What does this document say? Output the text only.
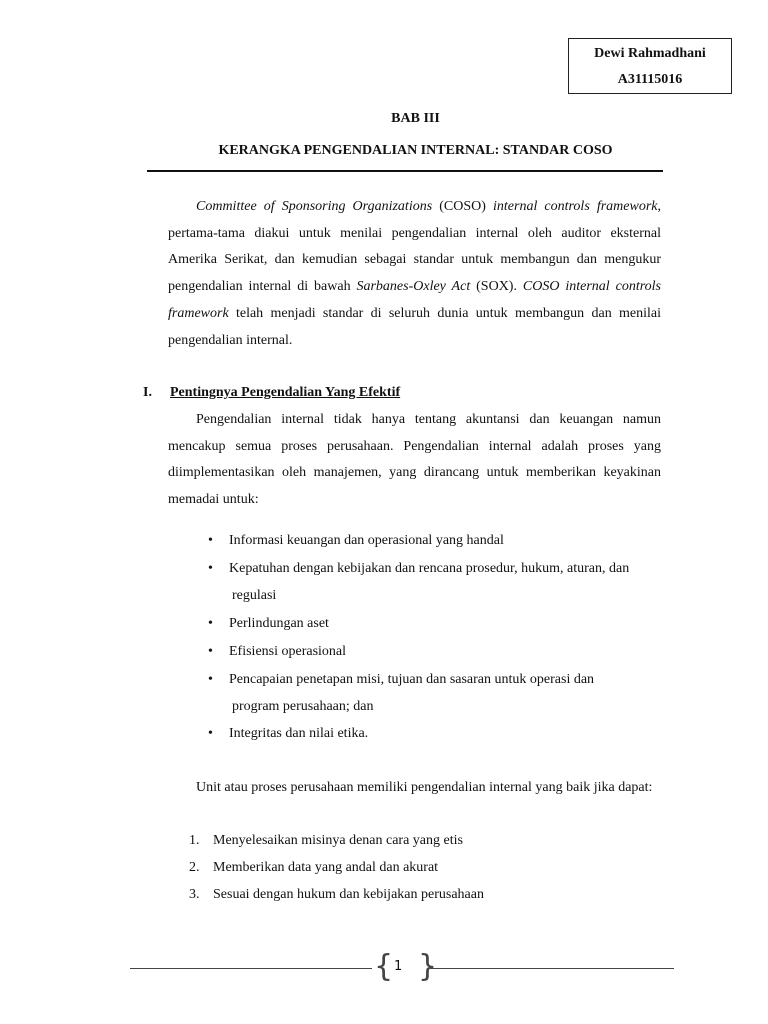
Dewi Rahmadhani
A31115016
BAB III
KERANGKA PENGENDALIAN INTERNAL: STANDAR COSO
Committee of Sponsoring Organizations (COSO) internal controls framework, pertama-tama diakui untuk menilai pengendalian internal oleh auditor eksternal Amerika Serikat, dan kemudian sebagai standar untuk membangun dan mengukur pengendalian internal di bawah Sarbanes-Oxley Act (SOX). COSO internal controls framework telah menjadi standar di seluruh dunia untuk membangun dan menilai pengendalian internal.
I. Pentingnya Pengendalian Yang Efektif
Pengendalian internal tidak hanya tentang akuntansi dan keuangan namun mencakup semua proses perusahaan. Pengendalian internal adalah proses yang diimplementasikan oleh manajemen, yang dirancang untuk memberikan keyakinan memadai untuk:
• Informasi keuangan dan operasional yang handal
• Kepatuhan dengan kebijakan dan rencana prosedur, hukum, aturan, dan
regulasi
• Perlindungan aset
• Efisiensi operasional
• Pencapaian penetapan misi, tujuan dan sasaran untuk operasi dan
program perusahaan; dan
• Integritas dan nilai etika.
Unit atau proses perusahaan memiliki pengendalian internal yang baik jika dapat:
1. Menyelesaikan misinya denan cara yang etis
2. Memberikan data yang andal dan akurat
3. Sesuai dengan hukum dan kebijakan perusahaan
{ 1 }
